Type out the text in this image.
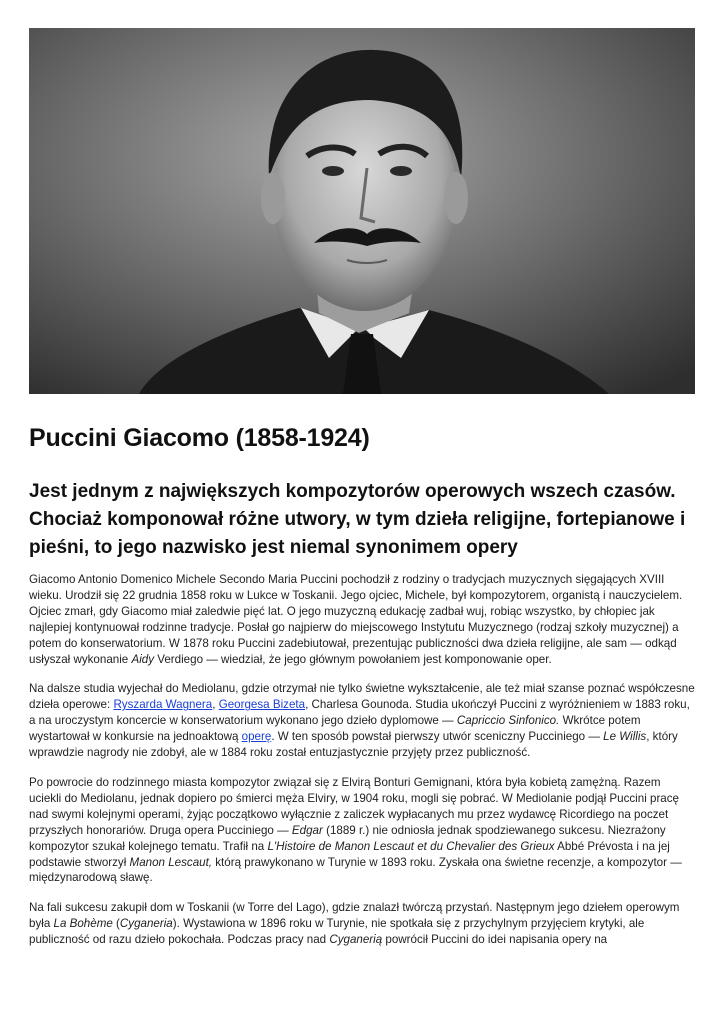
Puccini Giacomo (1858-1924)

Jest jednym z największych kompozytorów operowych wszech czasów. Chociaż komponował różne utwory, w tym dzieła religijne, fortepianowe i pieśni, to jego nazwisko jest niemal synonimem opery

Giacomo Antonio Domenico Michele Secondo Maria Puccini pochodził z rodziny o tradycjach muzycznych sięgających XVIII wieku. Urodził się 22 grudnia 1858 roku w Lukce w Toskanii. Jego ojciec, Michele, był kompozytorem, organistą i nauczycielem. Ojciec zmarł, gdy Giacomo miał zaledwie pięć lat. O jego muzyczną edukację zadbał wuj, robiąc wszystko, by chłopiec jak najlepiej kontynuował rodzinne tradycje. Posłał go najpierw do miejscowego Instytutu Muzycznego (rodzaj szkoły muzycznej) a potem do konserwatorium. W 1878 roku Puccini zadebiutował, prezentując publiczności dwa dzieła religijne, ale sam — odkąd usłyszał wykonanie Aidy Verdiego — wiedział, że jego głównym powołaniem jest komponowanie oper.

Na dalsze studia wyjechał do Mediolanu, gdzie otrzymał nie tylko świetne wykształcenie, ale też miał szanse poznać współczesne dzieła operowe: Ryszarda Wagnera, Georgesa Bizeta, Charlesa Gounoda. Studia ukończył Puccini z wyróżnieniem w 1883 roku, a na uroczystym koncercie w konserwatorium wykonano jego dzieło dyplomowe — Capriccio Sinfonico. Wkrótce potem wystartował w konkursie na jednoaktową operę. W ten sposób powstał pierwszy utwór sceniczny Pucciniego — Le Willis, który wprawdzie nagrody nie zdobył, ale w 1884 roku został entuzjastycznie przyjęty przez publiczność.

Po powrocie do rodzinnego miasta kompozytor związał się z Elvirą Bonturi Gemignani, która była kobietą zamężną. Razem uciekli do Mediolanu, jednak dopiero po śmierci męża Elviry, w 1904 roku, mogli się pobrać. W Mediolanie podjął Puccini pracę nad swymi kolejnymi operami, żyjąc początkowo wyłącznie z zaliczek wypłacanych mu przez wydawcę Ricordiego na poczet przyszłych honorariów. Druga opera Pucciniego — Edgar (1889 r.) nie odniosła jednak spodziewanego sukcesu. Niezrażony kompozytor szukał kolejnego tematu. Trafił na L'Histoire de Manon Lescaut et du Chevalier des Grieux Abbé Prévosta i na jej podstawie stworzył Manon Lescaut, którą prawykonano w Turynie w 1893 roku. Zyskała ona świetne recenzje, a kompozytor — międzynarodową sławę.

Na fali sukcesu zakupił dom w Toskanii (w Torre del Lago), gdzie znalazł twórczą przystań. Następnym jego dziełem operowym była La Bohème (Cyganeria). Wystawiona w 1896 roku w Turynie, nie spotkała się z przychylnym przyjęciem krytyki, ale publiczność od razu dzieło pokochała. Podczas pracy nad Cyganerią powrócił Puccini do idei napisania opery na
